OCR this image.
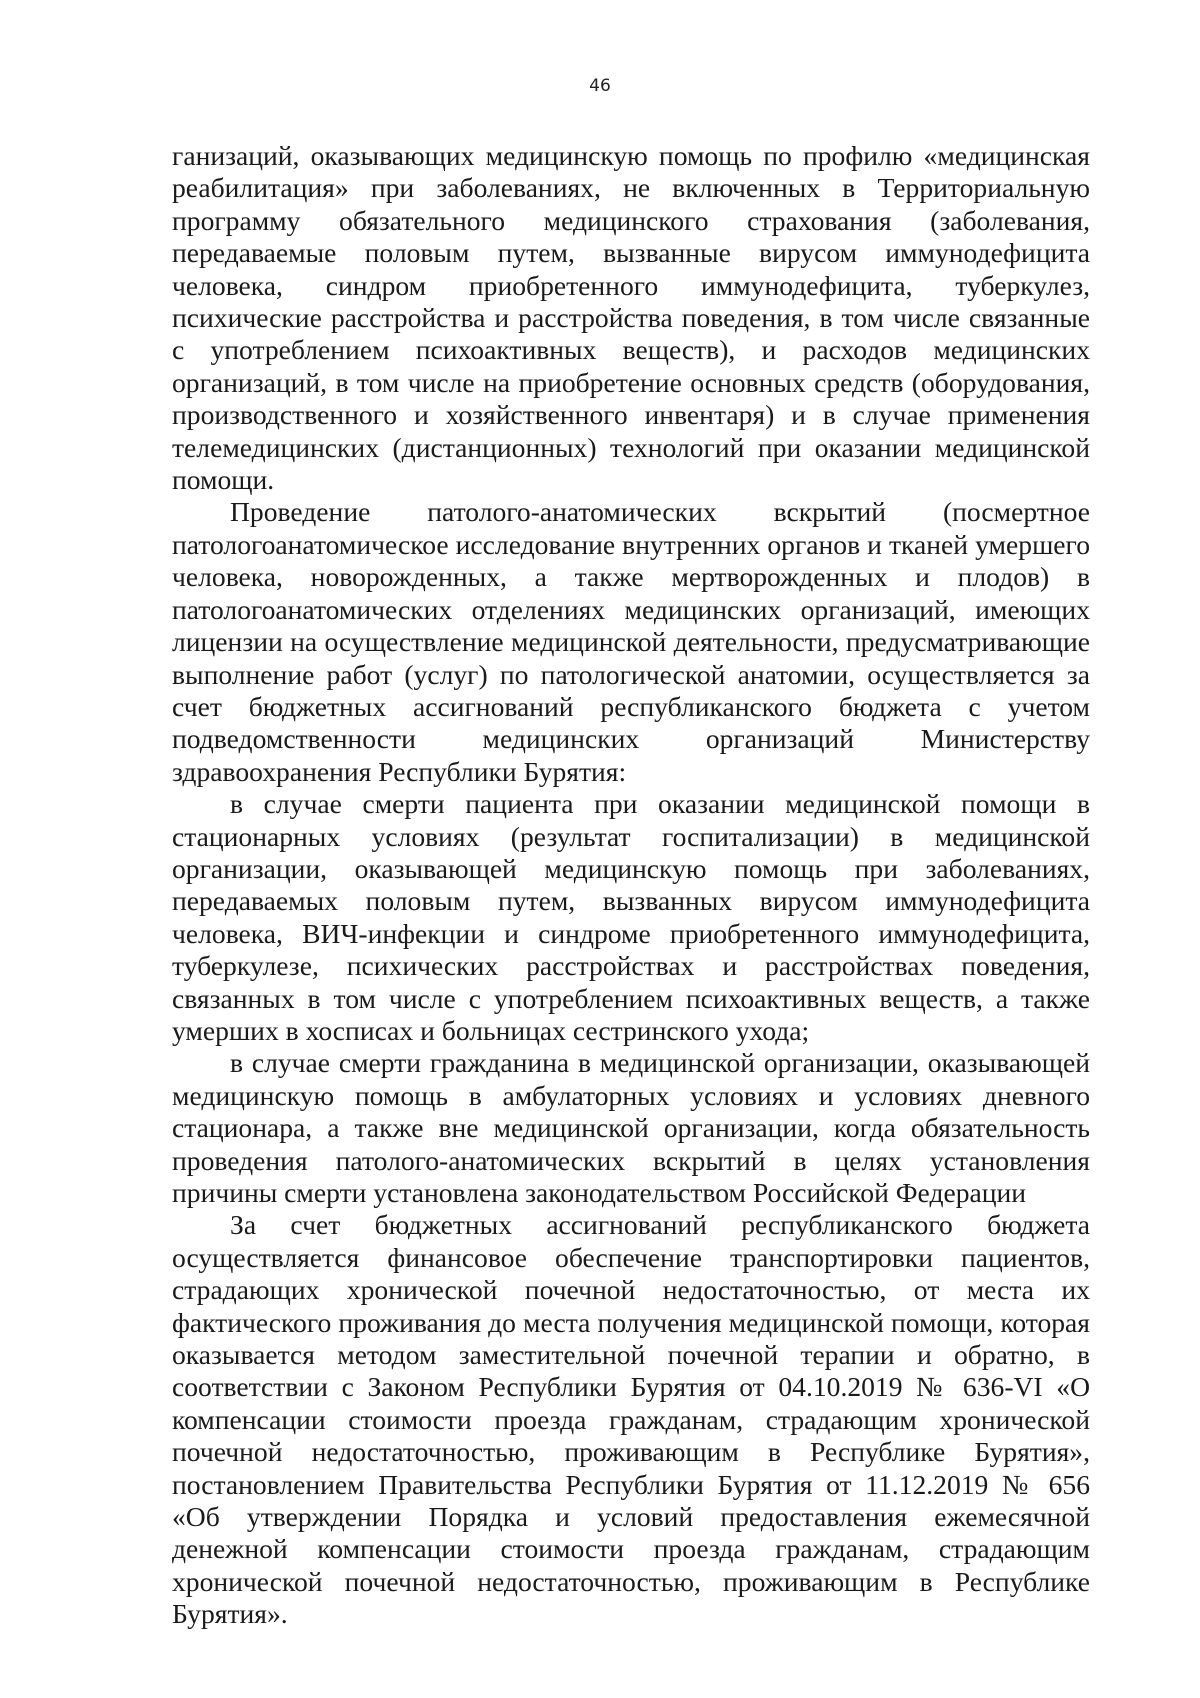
46

ганизаций, оказывающих медицинскую помощь по профилю «медицинская реабилитация» при заболеваниях, не включенных в Территориальную программу обязательного медицинского страхования (заболевания, передаваемые половым путем, вызванные вирусом иммунодефицита человека, синдром приобретенного иммунодефицита, туберкулез, психические расстройства и расстройства поведения, в том числе связанные с употреблением психоактивных веществ), и расходов медицинских организаций, в том числе на приобретение основных средств (оборудования, производственного и хозяйственного инвентаря) и в случае применения телемедицинских (дистанционных) технологий при оказании медицинской помощи.

Проведение патолого-анатомических вскрытий (посмертное патологоанатомическое исследование внутренних органов и тканей умершего человека, новорожденных, а также мертворожденных и плодов) в патологоанатомических отделениях медицинских организаций, имеющих лицензии на осуществление медицинской деятельности, предусматривающие выполнение работ (услуг) по патологической анатомии, осуществляется за счет бюджетных ассигнований республиканского бюджета с учетом подведомственности медицинских организаций Министерству здравоохранения Республики Бурятия:

в случае смерти пациента при оказании медицинской помощи в стационарных условиях (результат госпитализации) в медицинской организации, оказывающей медицинскую помощь при заболеваниях, передаваемых половым путем, вызванных вирусом иммунодефицита человека, ВИЧ-инфекции и синдроме приобретенного иммунодефицита, туберкулезе, психических расстройствах и расстройствах поведения, связанных в том числе с употреблением психоактивных веществ, а также умерших в хосписах и больницах сестринского ухода;

в случае смерти гражданина в медицинской организации, оказывающей медицинскую помощь в амбулаторных условиях и условиях дневного стационара, а также вне медицинской организации, когда обязательность проведения патолого-анатомических вскрытий в целях установления причины смерти установлена законодательством Российской Федерации

За счет бюджетных ассигнований республиканского бюджета осуществляется финансовое обеспечение транспортировки пациентов, страдающих хронической почечной недостаточностью, от места их фактического проживания до места получения медицинской помощи, которая оказывается методом заместительной почечной терапии и обратно, в соответствии с Законом Республики Бурятия от 04.10.2019 № 636-VI «О компенсации стоимости проезда гражданам, страдающим хронической почечной недостаточностью, проживающим в Республике Бурятия», постановлением Правительства Республики Бурятия от 11.12.2019 № 656 «Об утверждении Порядка и условий предоставления ежемесячной денежной компенсации стоимости проезда гражданам, страдающим хронической почечной недостаточностью, проживающим в Республике Бурятия».
